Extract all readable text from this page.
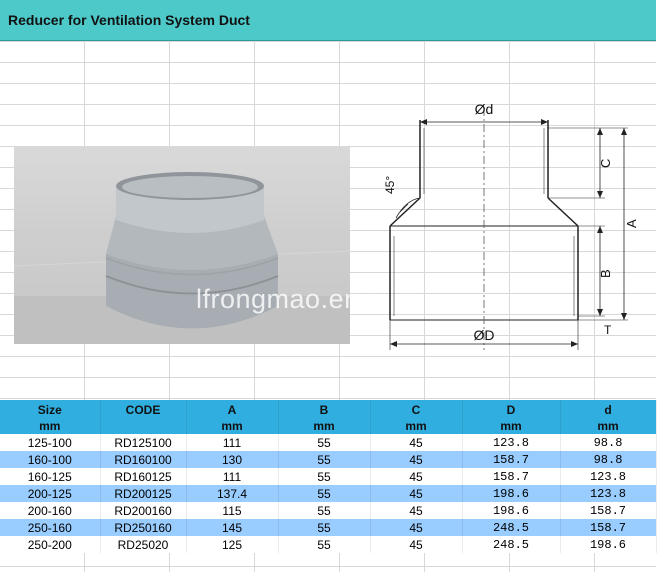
Reducer for Ventilation System Duct
lfrongmao.en.com
Ød
ØD
C
B
A
T
45°
Size	CODE	A	B	C	D	d
mm		mm	mm	mm	mm	mm
125-100	RD125100	111	55	45	123.8	98.8
160-100	RD160100	130	55	45	158.7	98.8
160-125	RD160125	111	55	45	158.7	123.8
200-125	RD200125	137.4	55	45	198.6	123.8
200-160	RD200160	115	55	45	198.6	158.7
250-160	RD250160	145	55	45	248.5	158.7
250-200	RD25020	125	55	45	248.5	198.6
